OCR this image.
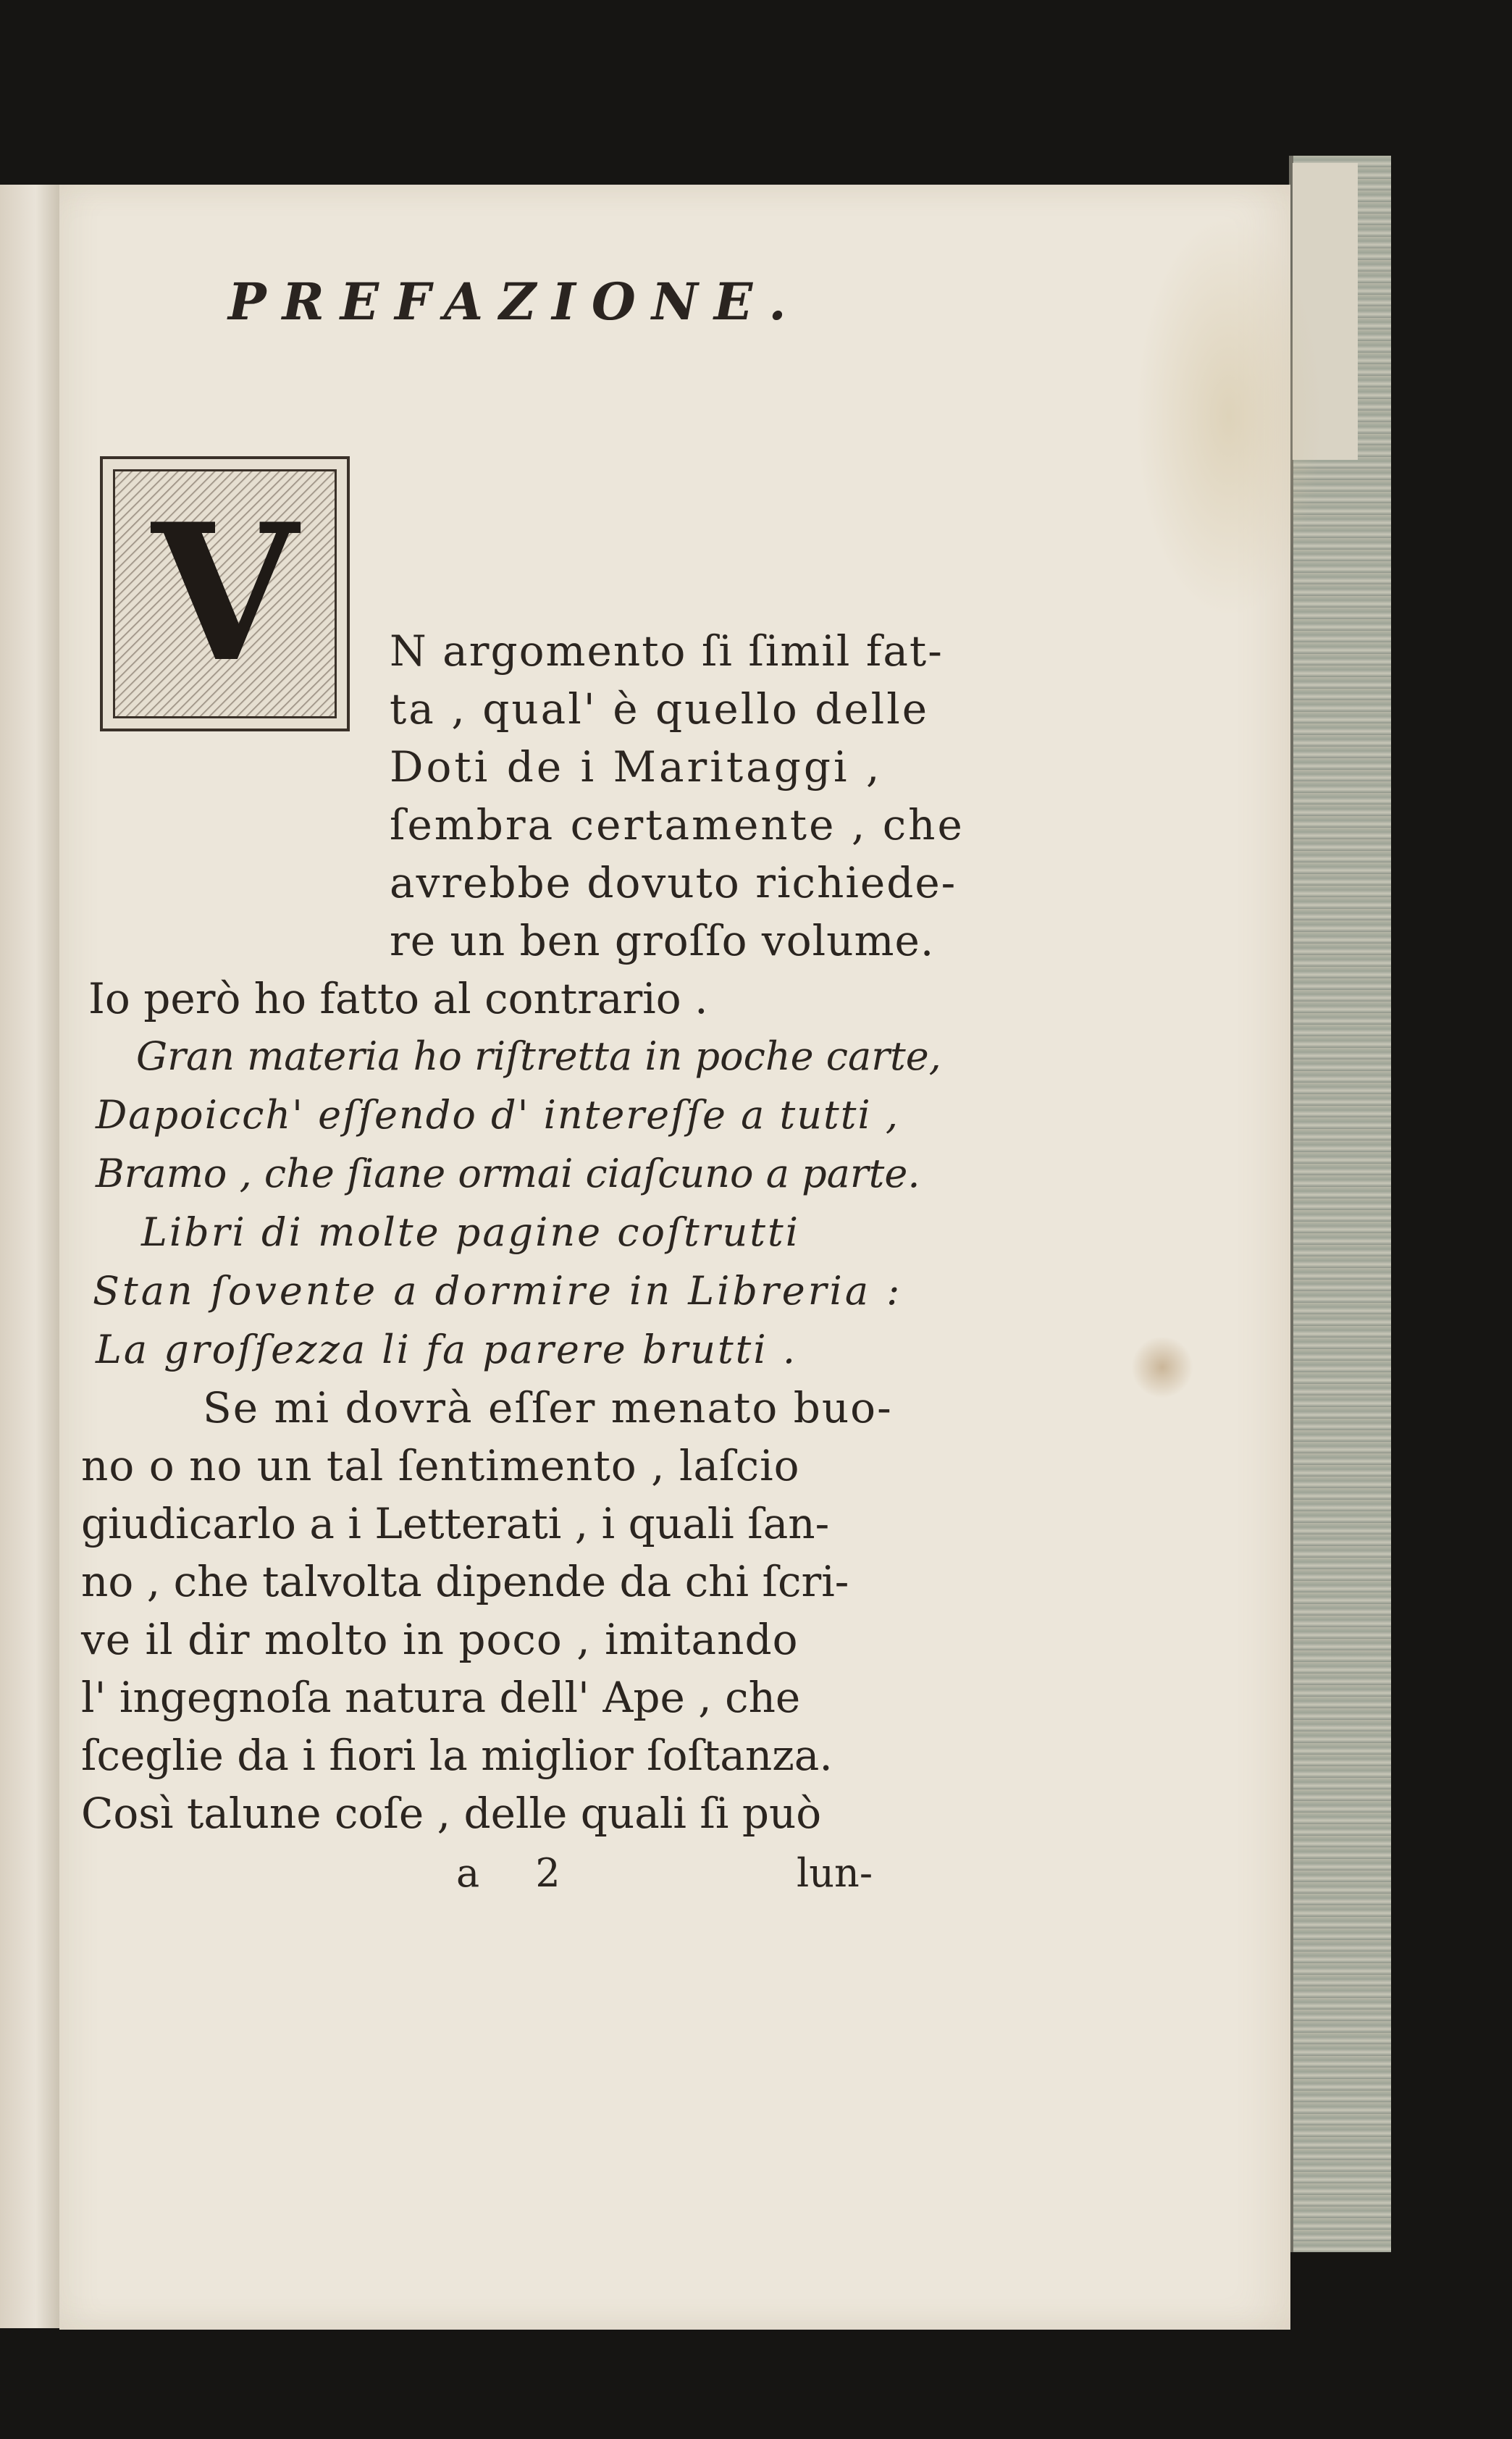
PREFAZIONE.
V N argomento ſi ſimil fat-
ta , qual' è quello delle
Doti de i Maritaggi ,
ſembra certamente , che
avrebbe dovuto richiede-
re un ben groſſo volume.
Io però ho fatto al contrario .
Gran materia ho riſtretta in poche carte,
Dapoicch' eſſendo d' intereſſe a tutti ,
Bramo , che ſiane ormai ciaſcuno a parte.
Libri di molte pagine coſtrutti
Stan ſovente a dormire in Libreria :
La groſſezza li fa parere brutti .
Se mi dovrà eſſer menato buo-
no o no un tal ſentimento , laſcio
giudicarlo a i Letterati , i quali ſan-
no , che talvolta dipende da chi ſcri-
ve il dir molto in poco , imitando
l' ingegnoſa natura dell' Ape , che
ſceglie da i fiori la miglior ſoſtanza.
Così talune coſe , delle quali ſi può
a 2	lun-
